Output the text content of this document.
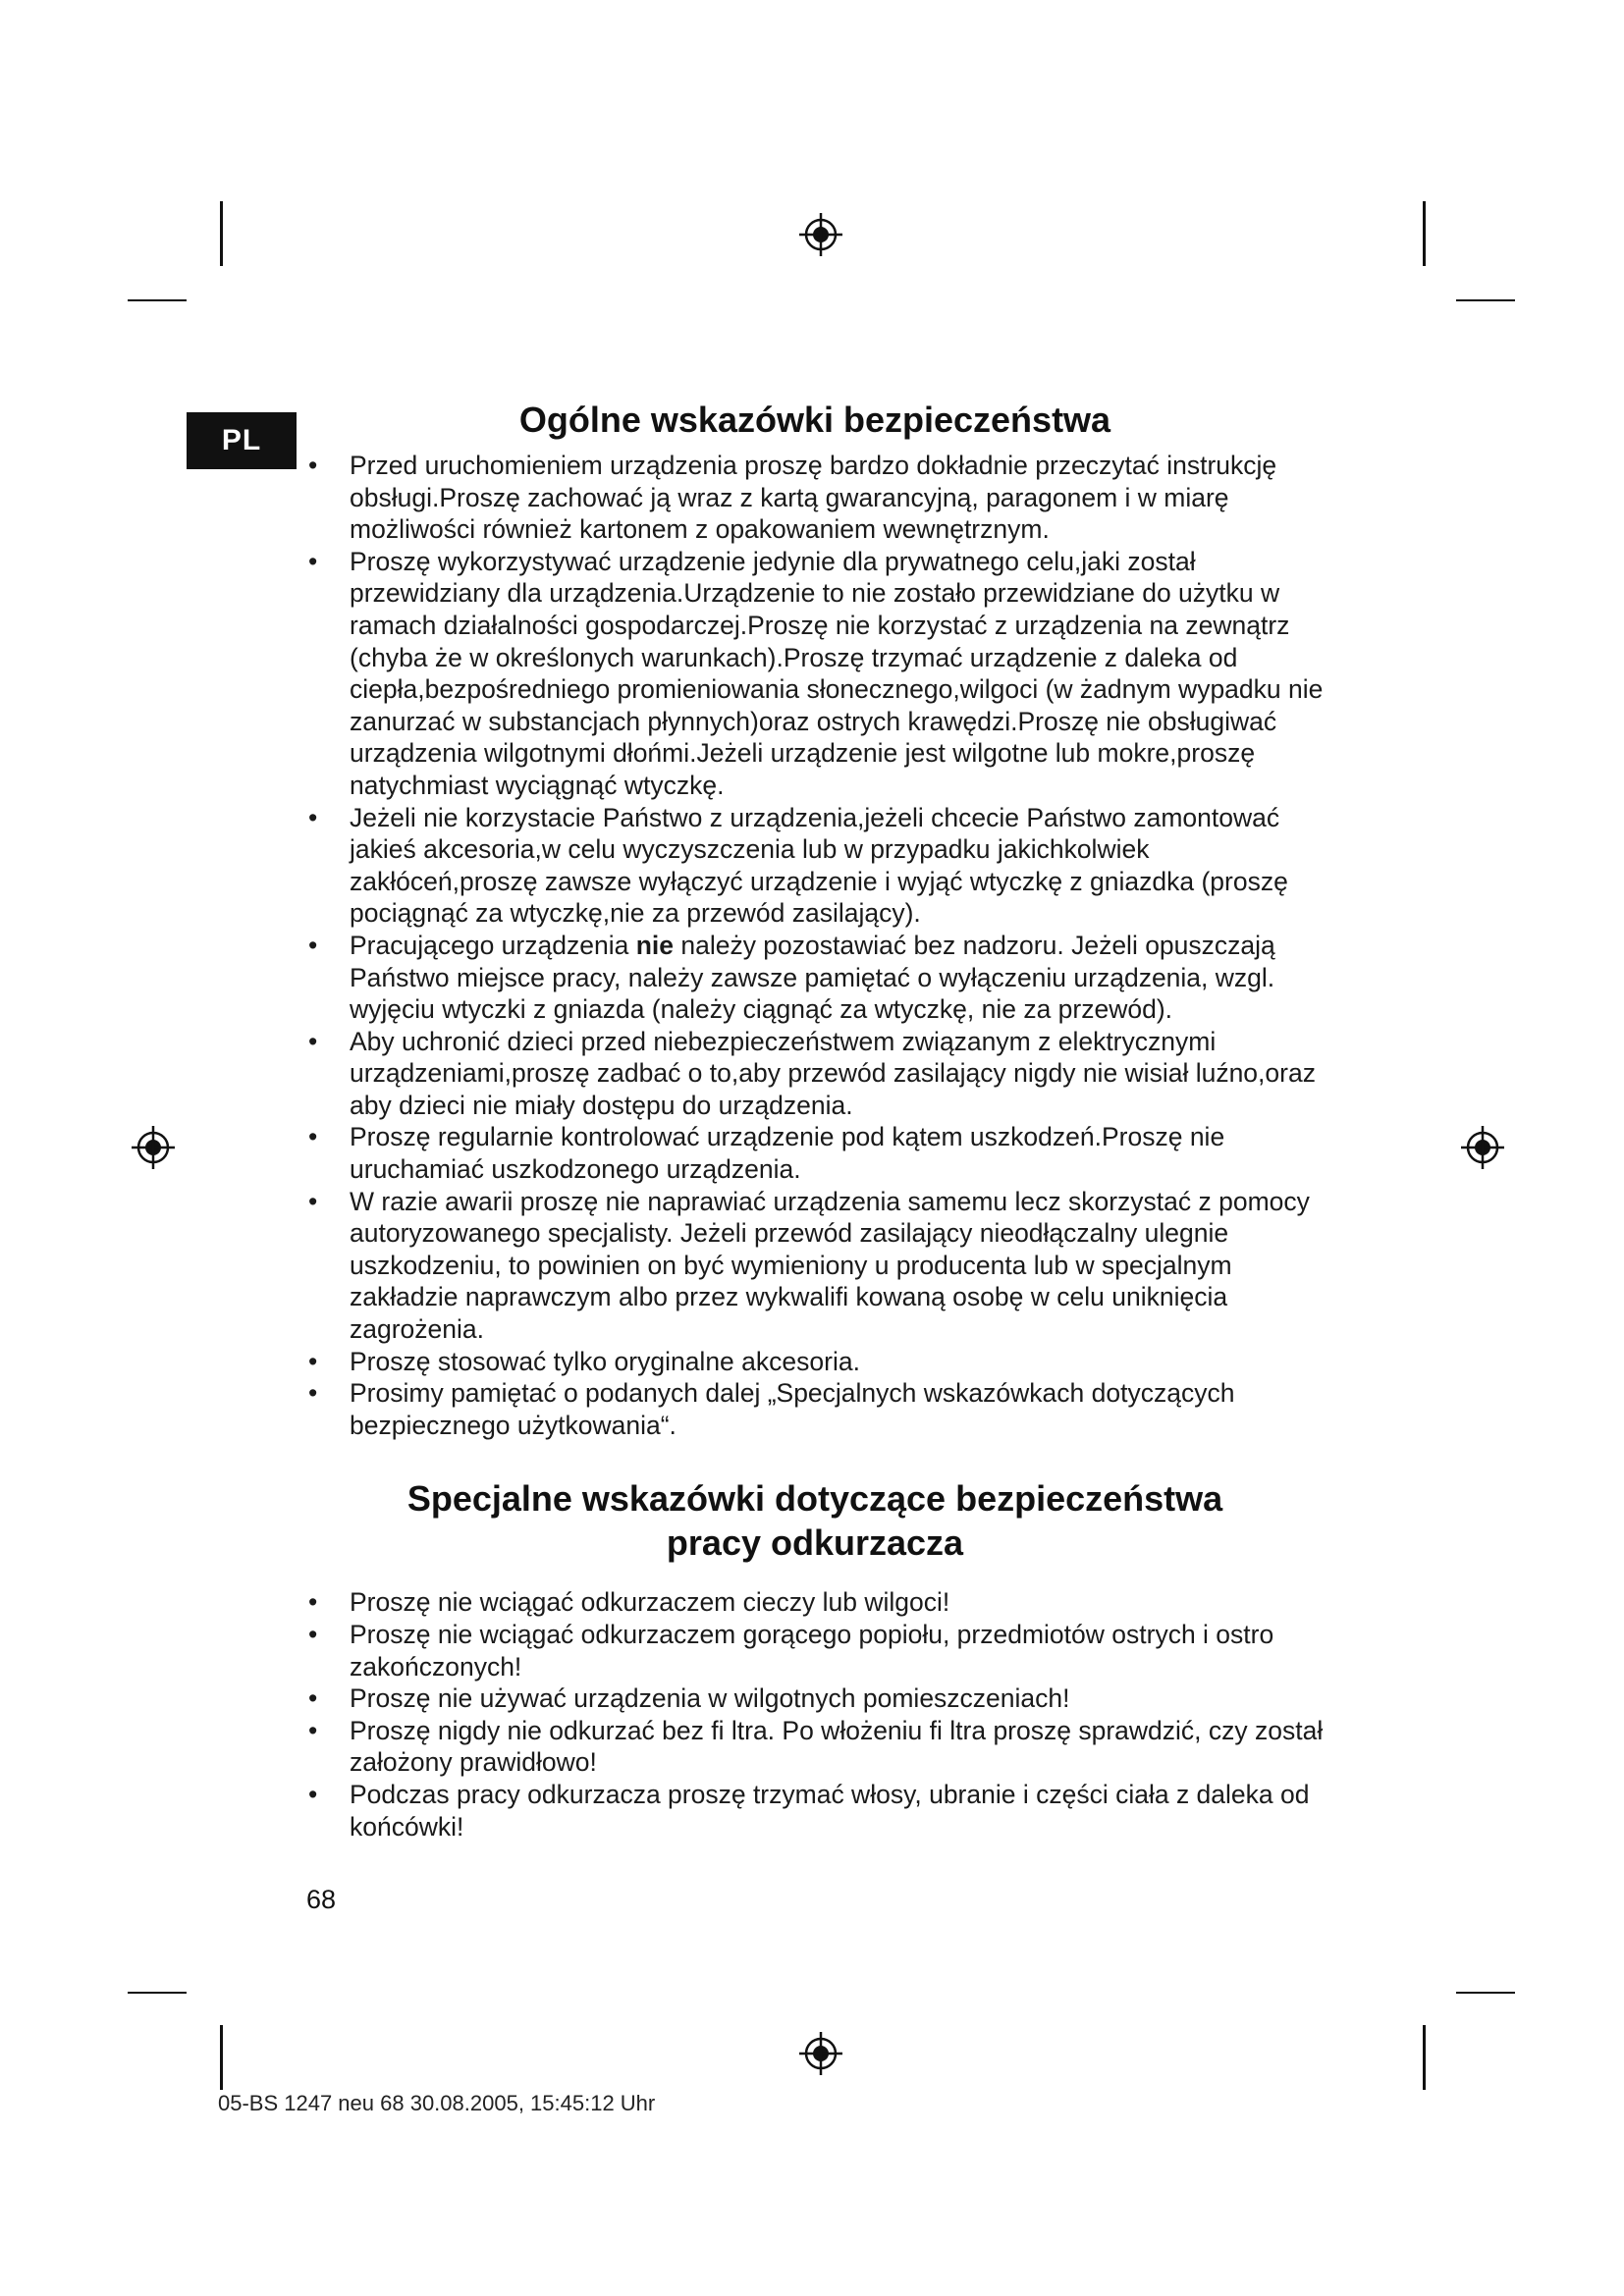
PL
Ogólne wskazówki bezpieczeństwa
• Przed uruchomieniem urządzenia proszę bardzo dokładnie przeczytać instrukcję obsługi.Proszę zachować ją wraz z kartą gwarancyjną, paragonem i w miarę możliwości również kartonem z opakowaniem wewnętrznym.
• Proszę wykorzystywać urządzenie jedynie dla prywatnego celu,jaki został przewidziany dla urządzenia.Urządzenie to nie zostało przewidziane do użytku w ramach działalności gospodarczej.Proszę nie korzystać z urządzenia na zewnątrz (chyba że w określonych warunkach).Proszę trzymać urządzenie z daleka od ciepła,bezpośredniego promieniowania słonecznego,wilgoci (w żadnym wypadku nie zanurzać w substancjach płynnych)oraz ostrych krawędzi.Proszę nie obsługiwać urządzenia wilgotnymi dłońmi.Jeżeli urządzenie jest wilgotne lub mokre,proszę natychmiast wyciągnąć wtyczkę.
• Jeżeli nie korzystacie Państwo z urządzenia,jeżeli chcecie Państwo zamontować jakieś akcesoria,w celu wyczyszczenia lub w przypadku jakichkolwiek zakłóceń,proszę zawsze wyłączyć urządzenie i wyjąć wtyczkę z gniazdka (proszę pociągnąć za wtyczkę,nie za przewód zasilający).
• Pracującego urządzenia nie należy pozostawiać bez nadzoru. Jeżeli opuszczają Państwo miejsce pracy, należy zawsze pamiętać o wyłączeniu urządzenia, wzgl. wyjęciu wtyczki z gniazda (należy ciągnąć za wtyczkę, nie za przewód).
• Aby uchronić dzieci przed niebezpieczeństwem związanym z elektrycznymi urządzeniami,proszę zadbać o to,aby przewód zasilający nigdy nie wisiał luźno,oraz aby dzieci nie miały dostępu do urządzenia.
• Proszę regularnie kontrolować urządzenie pod kątem uszkodzeń.Proszę nie uruchamiać uszkodzonego urządzenia.
• W razie awarii proszę nie naprawiać urządzenia samemu lecz skorzystać z pomocy autoryzowanego specjalisty. Jeżeli przewód zasilający nieodłączalny ulegnie uszkodzeniu, to powinien on być wymieniony u producenta lub w specjalnym zakładzie naprawczym albo przez wykwalifi kowaną osobę w celu uniknięcia zagrożenia.
• Proszę stosować tylko oryginalne akcesoria.
• Prosimy pamiętać o podanych dalej „Specjalnych wskazówkach dotyczących bezpiecznego użytkowania“.
Specjalne wskazówki dotyczące bezpieczeństwa
pracy odkurzacza
• Proszę nie wciągać odkurzaczem cieczy lub wilgoci!
• Proszę nie wciągać odkurzaczem gorącego popiołu, przedmiotów ostrych i ostro zakończonych!
• Proszę nie używać urządzenia w wilgotnych pomieszczeniach!
• Proszę nigdy nie odkurzać bez fi ltra. Po włożeniu fi ltra proszę sprawdzić, czy został założony prawidłowo!
• Podczas pracy odkurzacza proszę trzymać włosy, ubranie i części ciała z daleka od końcówki!
68
05-BS 1247 neu 68 30.08.2005, 15:45:12 Uhr
